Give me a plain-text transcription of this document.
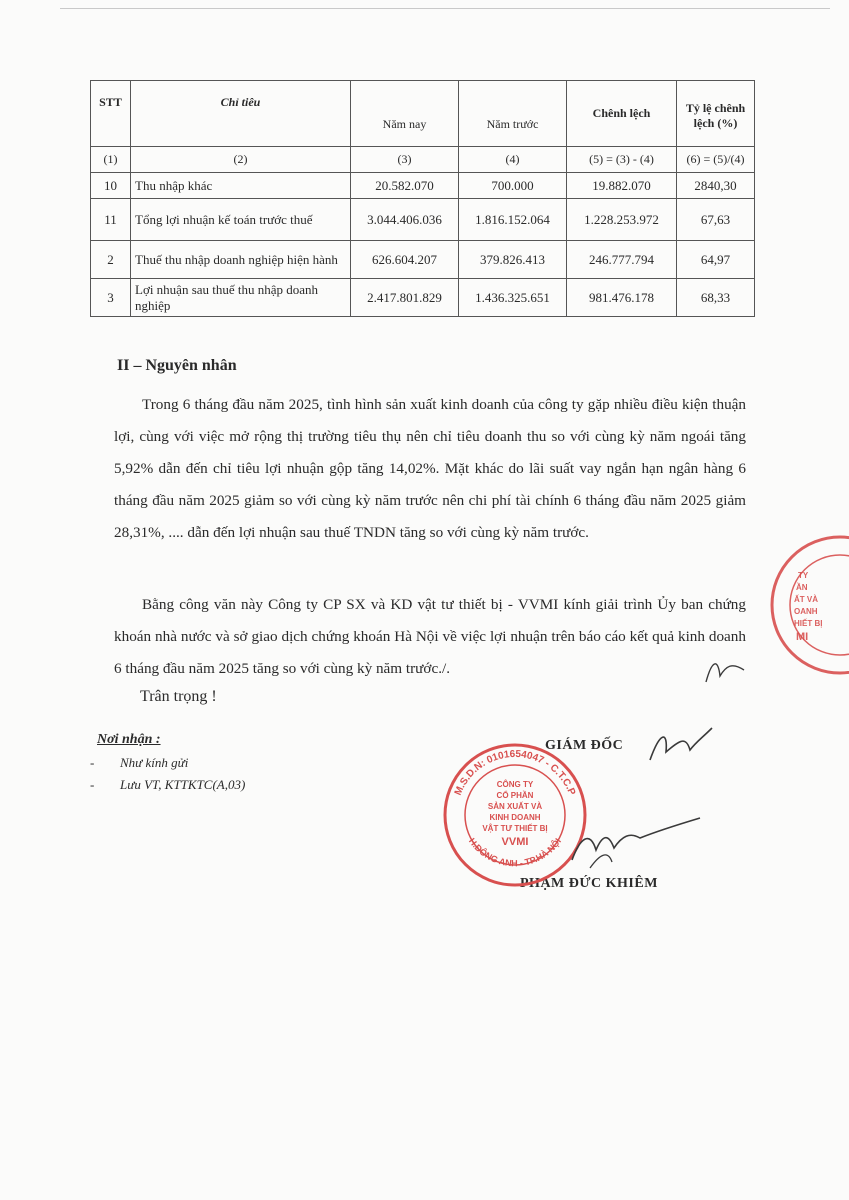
STT	Chỉ tiêu	Năm nay	Năm trước	Chênh lệch	Tỷ lệ chênh lệch (%)
(1)	(2)	(3)	(4)	(5) = (3) - (4)	(6) = (5)/(4)
10	Thu nhập khác	20.582.070	700.000	19.882.070	2840,30
11	Tổng lợi nhuận kế toán trước thuế	3.044.406.036	1.816.152.064	1.228.253.972	67,63
2	Thuế thu nhập doanh nghiệp hiện hành	626.604.207	379.826.413	246.777.794	64,97
3	Lợi nhuận sau thuế thu nhập doanh nghiệp	2.417.801.829	1.436.325.651	981.476.178	68,33
II – Nguyên nhân
Trong 6 tháng đầu năm 2025, tình hình sản xuất kinh doanh của công ty gặp nhiều điều kiện thuận lợi, cùng với việc mở rộng thị trường tiêu thụ nên chỉ tiêu doanh thu so với cùng kỳ năm ngoái tăng 5,92% dẫn đến chỉ tiêu lợi nhuận gộp tăng 14,02%. Mặt khác do lãi suất vay ngắn hạn ngân hàng 6 tháng đầu năm 2025 giảm so với cùng kỳ năm trước nên chi phí tài chính 6 tháng đầu năm 2025 giảm 28,31%, .... dẫn đến lợi nhuận sau thuế TNDN tăng so với cùng kỳ năm trước.
Bằng công văn này Công ty CP SX và KD vật tư thiết bị - VVMI kính giải trình Ủy ban chứng khoán nhà nước và sở giao dịch chứng khoán Hà Nội về việc lợi nhuận trên báo cáo kết quả kinh doanh 6 tháng đầu năm 2025 tăng so với cùng kỳ năm trước./.
Trân trọng !
Nơi nhận :
- Như kính gửi
- Lưu VT, KTTKTC(A,03)
GIÁM ĐỐC
PHẠM ĐỨC KHIÊM
M.S.D.N: 0101654047 - C.T.C.P
H.ĐÔNG ANH - TP.HÀ NỘI
CÔNG TY
CỔ PHẦN
SẢN XUẤT VÀ
KINH DOANH
VẬT TƯ THIẾT BỊ
VVMI
TY
ẦN
ẤT VÀ
OANH
HIẾT BỊ
MI
